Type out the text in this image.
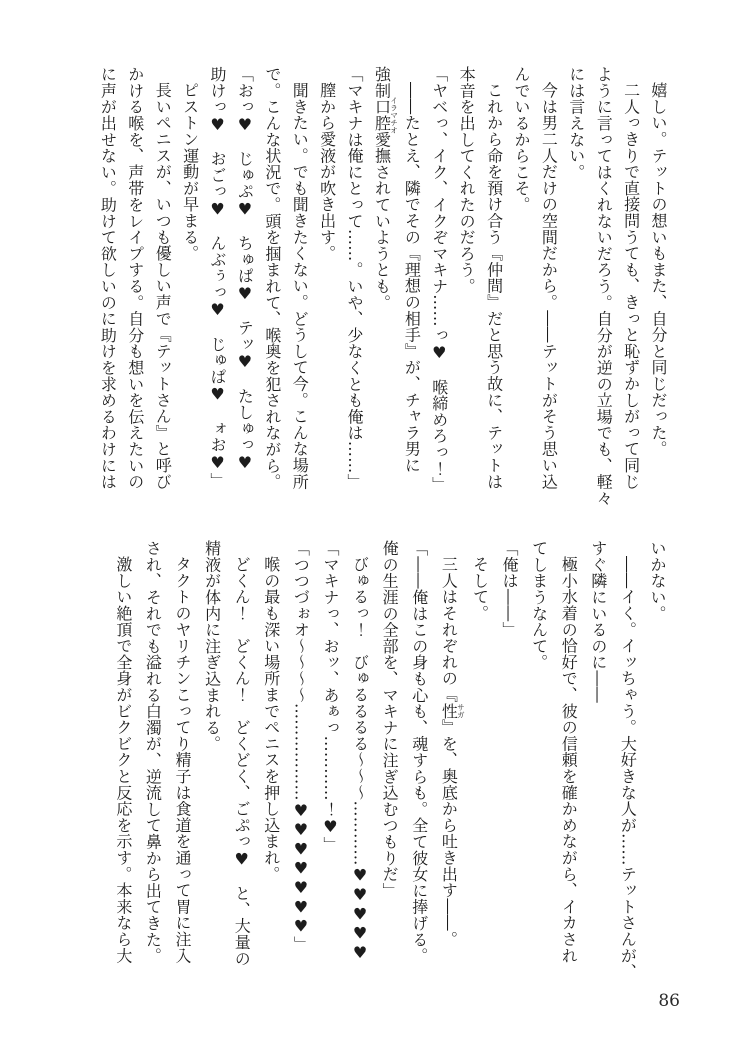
嬉しい。テットの想いもまた、自分と同じだった。
二人っきりで直接問うても、きっと恥ずかしがって同じ
ように言ってはくれないだろう。自分が逆の立場でも、軽々
には言えない。
今は男二人だけの空間だから。――テットがそう思い込
んでいるからこそ。
これから命を預け合う『仲間』だと思う故に、テットは
本音を出してくれたのだろう。
「ヤベっ、イク、イクぞマキナ……っ♥　喉締めろっ！」
――たとえ、隣でその『理想の相手』が、チャラ男に
強制口腔愛撫イラマチオされていようとも。
「マキナは俺にとって……。いや、少なくとも俺は……」
膣から愛液が吹き出す。
聞きたい。でも聞きたくない。どうして今。こんな場所
で。こんな状況で。頭を掴まれて、喉奥を犯されながら。
「おっ♥　じゅぷ♥　ちゅぱ♥　テッ♥　たしゅっ♥
助けっ♥　おごっ♥　んぶぅっ♥　じゅぱ♥　ォお♥」
ピストン運動が早まる。
長いペニスが、いつも優しい声で『テットさん』と呼び
かける喉を、声帯をレイプする。自分も想いを伝えたいの
に声が出せない。助けて欲しいのに助けを求めるわけには
いかない。
――イく。イッちゃう。大好きな人が……テットさんが、
すぐ隣にいるのに――
極小水着の恰好で、彼の信頼を確かめながら、イカされ
てしまうなんて。
「俺は――」
そして。
三人はそれぞれの『性サガ』を、奥底から吐き出す――。
「――俺はこの身も心も、魂すらも。全て彼女に捧げる。
俺の生涯の全部を、マキナに注ぎ込むつもりだ」
びゅるっ！　びゅるるるる〜〜〜…………♥♥♥♥♥
「マキナっ、おッ、あぁっ…………！♥」
「つつづぉオ〜〜〜〜………………♥♥♥♥♥♥♥」
喉の最も深い場所までペニスを押し込まれ。
どくん！　どくん！　どくどく、ごぷっ♥　と、大量の
精液が体内に注ぎ込まれる。
タクトのヤリチンこってり精子は食道を通って胃に注入
され、それでも溢れる白濁が、逆流して鼻から出てきた。
激しい絶頂で全身がビクビクと反応を示す。本来なら大
86
